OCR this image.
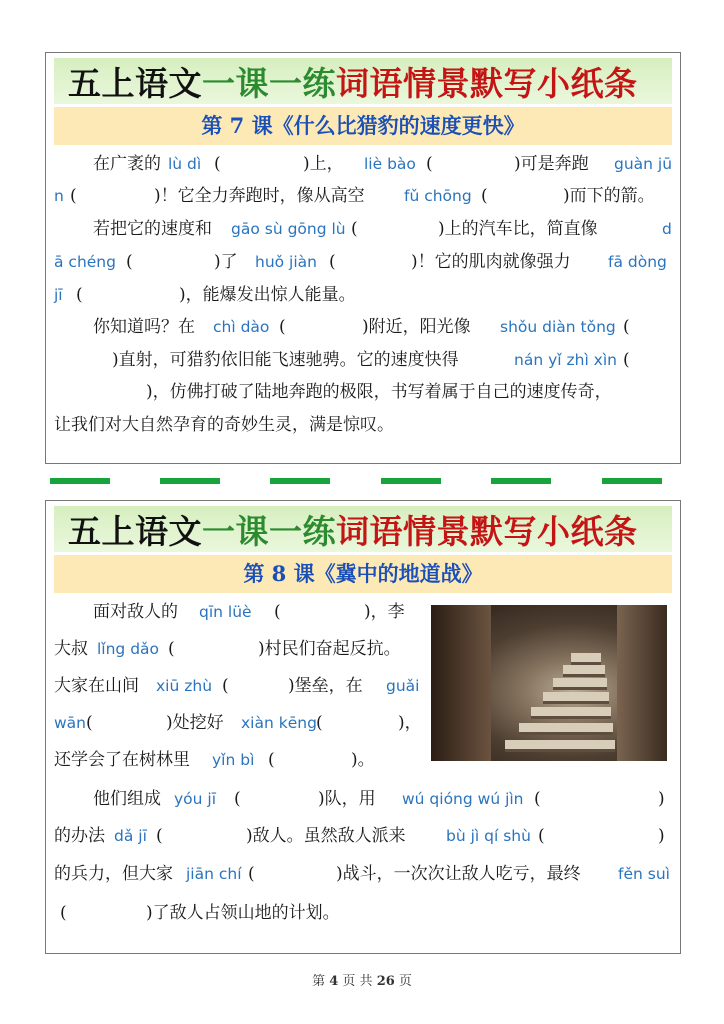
五上语文一课一练词语情景默写小纸条
第 7 课《什么比猎豹的速度更快》
在广袤的 lù dì (	)上， liè bào (	)可是奔跑 guàn jū
n (	)！它全力奔跑时，像从高空	fǔ chōng (	)而下的箭。
若把它的速度和 gāo sù gōng lù (	)上的汽车比，简直像	d
ā chéng (	)了 huǒ jiàn (	)！它的肌肉就像强力 fā dòng
jī (	)，能爆发出惊人能量。
你知道吗？在 chì dào (	)附近，阳光像 shǒu diàn tǒng (
)直射，可猎豹依旧能飞速驰骋。它的速度快得	nán yǐ zhì xìn (
)，仿佛打破了陆地奔跑的极限，书写着属于自己的速度传奇，
让我们对大自然孕育的奇妙生灵，满是惊叹。
五上语文一课一练词语情景默写小纸条
第 8 课《冀中的地道战》
面对敌人的 qīn lüè (	)，李
大叔 lǐng dǎo (	)村民们奋起反抗。
大家在山间 xiū zhù (	)堡垒，在 guǎi
wān (	)处挖好 xiàn kēng (	)，
还学会了在树林里 yǐn bì (	)。
他们组成 yóu jī (	)队，用 wú qióng wú jìn (	)
的办法 dǎ jī (	)敌人。虽然敌人派来	bù jì qí shù (	)
的兵力，但大家 jiān chí (	)战斗，一次次让敌人吃亏，最终 fěn suì
(	)了敌人占领山地的计划。
第 4 页 共 26 页
